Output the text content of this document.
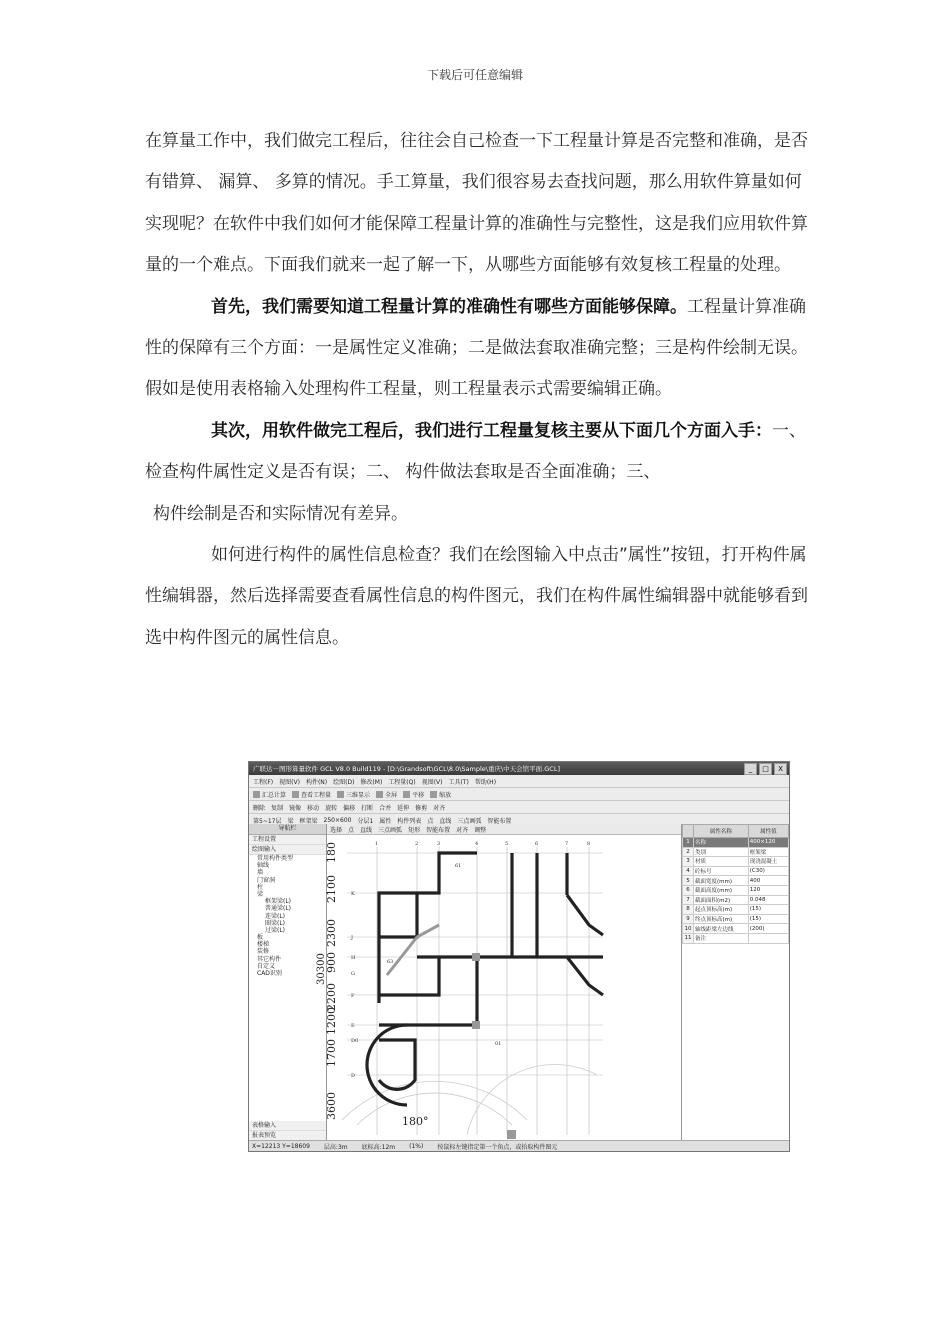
下载后可任意编辑

在算量工作中，我们做完工程后，往往会自己检查一下工程量计算是否完整和准确，是否有错算、 漏算、 多算的情况。手工算量，我们很容易去查找问题，那么用软件算量如何实现呢？在软件中我们如何才能保障工程量计算的准确性与完整性，这是我们应用软件算量的一个难点。下面我们就来一起了解一下，从哪些方面能够有效复核工程量的处理。

首先，我们需要知道工程量计算的准确性有哪些方面能够保障。工程量计算准确性的保障有三个方面：一是属性定义准确；二是做法套取准确完整；三是构件绘制无误。假如是使用表格输入处理构件工程量，则工程量表示式需要编辑正确。

其次，用软件做完工程后，我们进行工程量复核主要从下面几个方面入手：一、 检查构件属性定义是否有误；二、 构件做法套取是否全面准确；三、

构件绘制是否和实际情况有差异。

如何进行构件的属性信息检查？我们在绘图输入中点击”属性”按钮，打开构件属性编辑器，然后选择需要查看属性信息的构件图元，我们在构件属性编辑器中就能够看到选中构件图元的属性信息。

广联达－图形算量软件 GCL V8.0 Build119 - [D:\Grandsoft\GCL\8.0\Sample\重庆\中天会馆平面.GCL]	_	□	X
工程(F) 视图(V) 构件(N) 绘图(D) 修改(M) 工程量(Q) 视图(V) 工具(T) 帮助(H)
汇总计算	查看工程量	三维显示	全屏	平移	缩放
删除 复制 镜像 移动 旋转 偏移 打断 合并 延伸 修剪 对齐
第5~17层 梁 框架梁 250×600 分层1 属性 构件列表 点 直线 三点画弧 智能布置
导航栏
工程设置
绘图输入
常用构件类型
轴线
墙
门窗洞
柱
梁
框架梁(L)
普通梁(L)
连梁(L)
圈梁(L)
过梁(L)
板
楼梯
装修
其它构件
自定义
CAD识别
表格输入
报表预览
选择 点 直线 三点画弧 矩形 智能布置 对齐 调整
180
2100
2300
900
2200
1200
1700
3600
30300
180°
K
J
H
G
F
E
D0
D
1	2	3	4	5	6	7	8
61
63
01
	属性名称	属性值
1	名称	400×120
2	类别	框架梁
3	材质	现浇混凝土
4	砼标号	(C30)
5	截面宽度(mm)	400
6	截面高度(mm)	120
7	截面面积(m2)	0.048
8	起点顶标高(m)	(15)
9	终点顶标高(m)	(15)
10	轴线距梁左边线	(200)
11	备注	
X=12213 Y=18609 层高:3m 底标高:12m (1%) 按鼠标左键指定第一个角点，或拾取构件图元
